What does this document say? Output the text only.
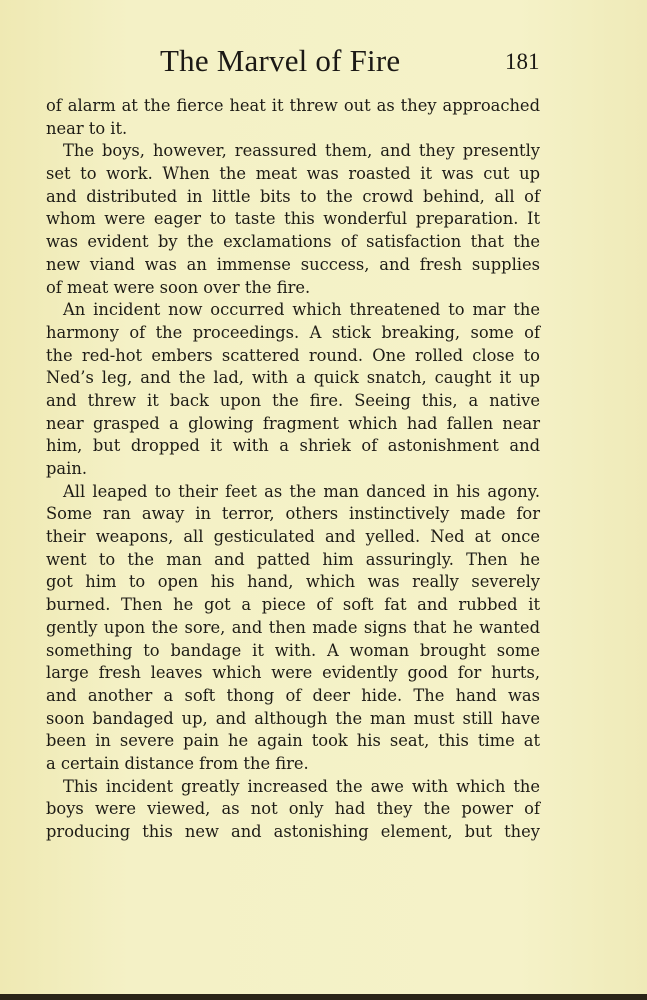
The Marvel of Fire	181
of alarm at the fierce heat it threw out as they approached
near to it.
The boys, however, reassured them, and they presently
set to work. When the meat was roasted it was cut up
and distributed in little bits to the crowd behind, all of
whom were eager to taste this wonderful preparation. It
was evident by the exclamations of satisfaction that the
new viand was an immense success, and fresh supplies
of meat were soon over the fire.
An incident now occurred which threatened to mar the
harmony of the proceedings. A stick breaking, some of
the red-hot embers scattered round. One rolled close to
Ned’s leg, and the lad, with a quick snatch, caught it up
and threw it back upon the fire. Seeing this, a native
near grasped a glowing fragment which had fallen near
him, but dropped it with a shriek of astonishment and
pain.
All leaped to their feet as the man danced in his agony.
Some ran away in terror, others instinctively made for
their weapons, all gesticulated and yelled. Ned at once
went to the man and patted him assuringly. Then he
got him to open his hand, which was really severely
burned. Then he got a piece of soft fat and rubbed it
gently upon the sore, and then made signs that he wanted
something to bandage it with. A woman brought some
large fresh leaves which were evidently good for hurts,
and another a soft thong of deer hide. The hand was
soon bandaged up, and although the man must still have
been in severe pain he again took his seat, this time at
a certain distance from the fire.
This incident greatly increased the awe with which the
boys were viewed, as not only had they the power of
producing this new and astonishing element, but they
